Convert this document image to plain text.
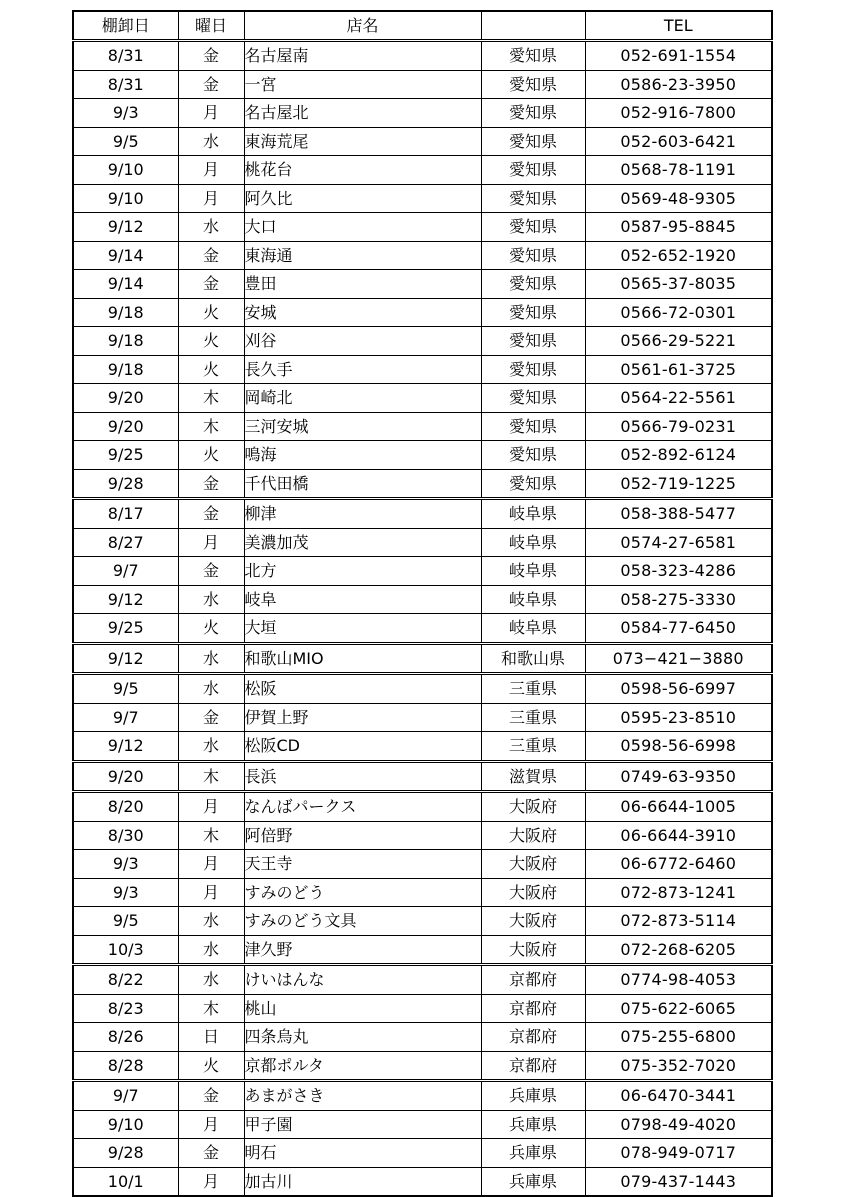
棚卸日	曜日	店名		TEL
8/31	金	名古屋南	愛知県	052-691-1554
8/31	金	一宮	愛知県	0586-23-3950
9/3	月	名古屋北	愛知県	052-916-7800
9/5	水	東海荒尾	愛知県	052-603-6421
9/10	月	桃花台	愛知県	0568-78-1191
9/10	月	阿久比	愛知県	0569-48-9305
9/12	水	大口	愛知県	0587-95-8845
9/14	金	東海通	愛知県	052-652-1920
9/14	金	豊田	愛知県	0565-37-8035
9/18	火	安城	愛知県	0566-72-0301
9/18	火	刈谷	愛知県	0566-29-5221
9/18	火	長久手	愛知県	0561-61-3725
9/20	木	岡崎北	愛知県	0564-22-5561
9/20	木	三河安城	愛知県	0566-79-0231
9/25	火	鳴海	愛知県	052-892-6124
9/28	金	千代田橋	愛知県	052-719-1225
8/17	金	柳津	岐阜県	058-388-5477
8/27	月	美濃加茂	岐阜県	0574-27-6581
9/7	金	北方	岐阜県	058-323-4286
9/12	水	岐阜	岐阜県	058-275-3330
9/25	火	大垣	岐阜県	0584-77-6450
9/12	水	和歌山MIO	和歌山県	073−421−3880
9/5	水	松阪	三重県	0598-56-6997
9/7	金	伊賀上野	三重県	0595-23-8510
9/12	水	松阪CD	三重県	0598-56-6998
9/20	木	長浜	滋賀県	0749-63-9350
8/20	月	なんばパークス	大阪府	06-6644-1005
8/30	木	阿倍野	大阪府	06-6644-3910
9/3	月	天王寺	大阪府	06-6772-6460
9/3	月	すみのどう	大阪府	072-873-1241
9/5	水	すみのどう文具	大阪府	072-873-5114
10/3	水	津久野	大阪府	072-268-6205
8/22	水	けいはんな	京都府	0774-98-4053
8/23	木	桃山	京都府	075-622-6065
8/26	日	四条烏丸	京都府	075-255-6800
8/28	火	京都ポルタ	京都府	075-352-7020
9/7	金	あまがさき	兵庫県	06-6470-3441
9/10	月	甲子園	兵庫県	0798-49-4020
9/28	金	明石	兵庫県	078-949-0717
10/1	月	加古川	兵庫県	079-437-1443
